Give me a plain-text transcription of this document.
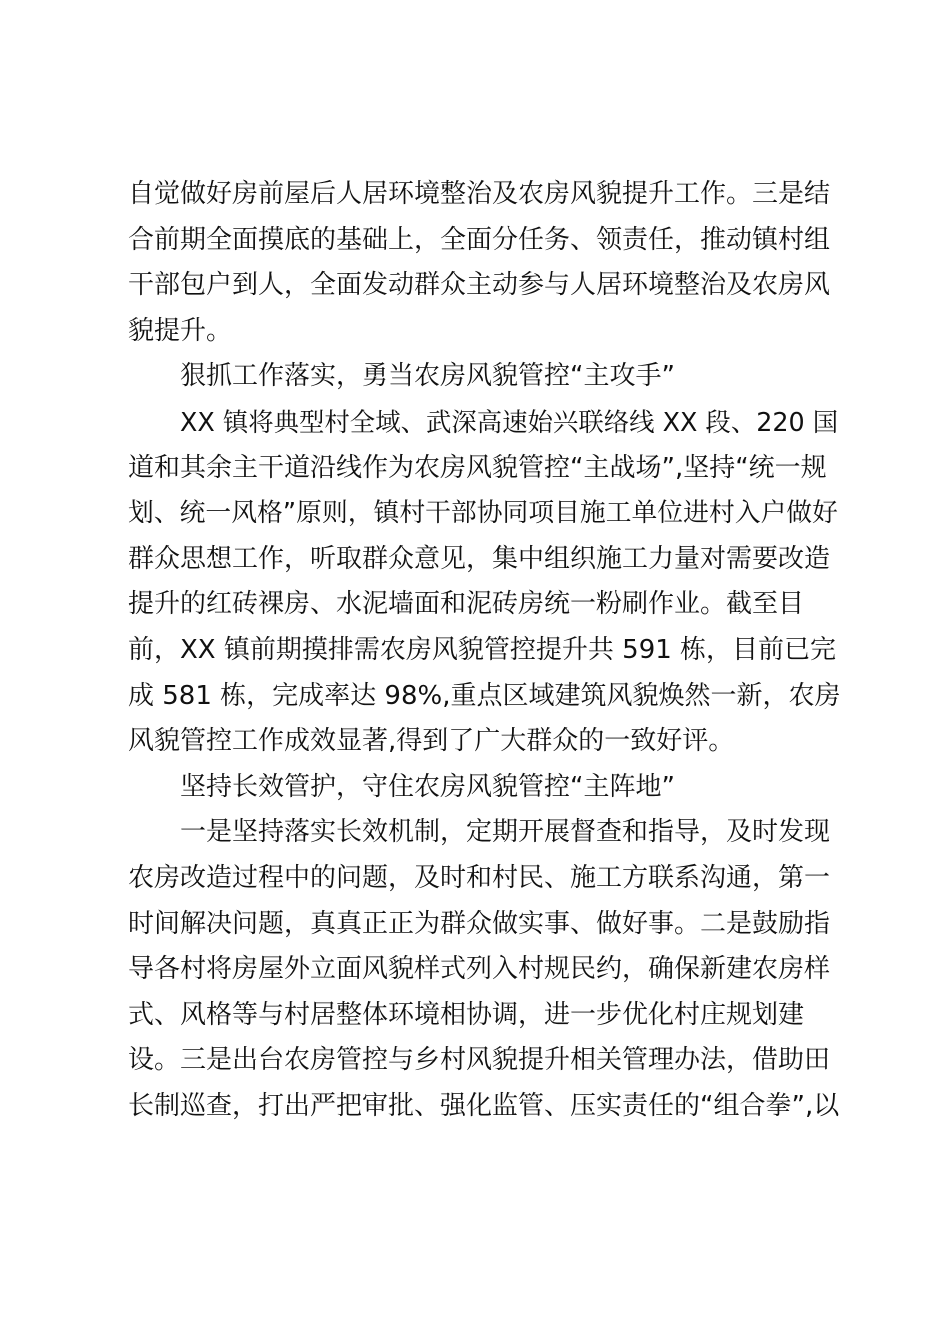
自觉做好房前屋后人居环境整治及农房风貌提升工作。三是结
合前期全面摸底的基础上，全面分任务、领责任，推动镇村组
干部包户到人，全面发动群众主动参与人居环境整治及农房风
貌提升。
狠抓工作落实，勇当农房风貌管控“主攻手”
XX 镇将典型村全域、武深高速始兴联络线 XX 段、220 国
道和其余主干道沿线作为农房风貌管控“主战场”,坚持“统一规
划、统一风格”原则，镇村干部协同项目施工单位进村入户做好
群众思想工作，听取群众意见，集中组织施工力量对需要改造
提升的红砖裸房、水泥墙面和泥砖房统一粉刷作业。截至目
前，XX 镇前期摸排需农房风貌管控提升共 591 栋，目前已完
成 581 栋，完成率达 98%,重点区域建筑风貌焕然一新，农房
风貌管控工作成效显著,得到了广大群众的一致好评。
坚持长效管护，守住农房风貌管控“主阵地”
一是坚持落实长效机制，定期开展督查和指导，及时发现
农房改造过程中的问题，及时和村民、施工方联系沟通，第一
时间解决问题，真真正正为群众做实事、做好事。二是鼓励指
导各村将房屋外立面风貌样式列入村规民约，确保新建农房样
式、风格等与村居整体环境相协调，进一步优化村庄规划建
设。三是出台农房管控与乡村风貌提升相关管理办法，借助田
长制巡查，打出严把审批、强化监管、压实责任的“组合拳”,以
